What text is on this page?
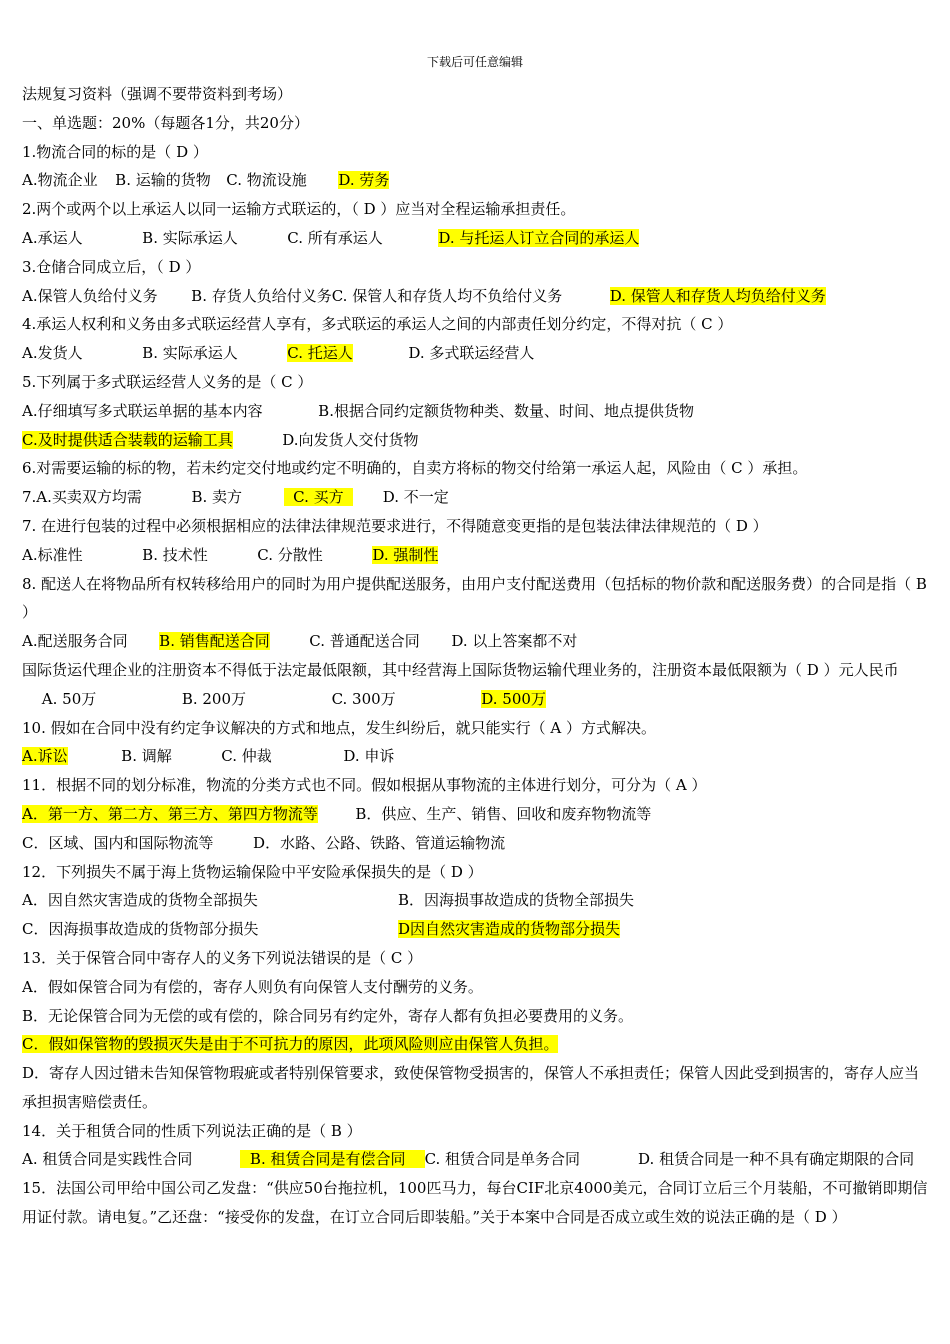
下载后可任意编辑
法规复习资料（强调不要带资料到考场）
一、单选题：20%（每题各1分，共20分）
1.物流合同的标的是（ D ）
A.物流企业 B. 运输的货物 C. 物流设施 D. 劳务
2.两个或两个以上承运人以同一运输方式联运的，（ D ）应当对全程运输承担责任。
A.承运人	B. 实际承运人	C. 所有承运人	D. 与托运人订立合同的承运人
3.仓储合同成立后，（ D ）
A.保管人负给付义务 B. 存货人负给付义务C. 保管人和存货人均不负给付义务	D. 保管人和存货人均负给付义务
4.承运人权利和义务由多式联运经营人享有，多式联运的承运人之间的内部责任划分约定，不得对抗（ C ）
A.发货人	B. 实际承运人	C. 托运人	D. 多式联运经营人
5.下列属于多式联运经营人义务的是（ C ）
A.仔细填写多式联运单据的基本内容	B.根据合同约定额货物种类、数量、时间、地点提供货物
C.及时提供适合装载的运输工具	D.向发货人交付货物
6.对需要运输的标的物，若未约定交付地或约定不明确的，自卖方将标的物交付给第一承运人起，风险由（ C ）承担。
7.A.买卖双方均需	B. 卖方	C. 买方	D. 不一定
7. 在进行包装的过程中必须根据相应的法律法律规范要求进行，不得随意变更指的是包装法律法律规范的（ D ）
A.标准性	B. 技术性	C. 分散性	D. 强制性
8. 配送人在将物品所有权转移给用户的同时为用户提供配送服务，由用户支付配送费用（包括标的物价款和配送服务费）的合同是指（ B ）
A.配送服务合同 B. 销售配送合同	C. 普通配送合同 D. 以上答案都不对
国际货运代理企业的注册资本不得低于法定最低限额，其中经营海上国际货物运输代理业务的，注册资本最低限额为（ D ）元人民币
A. 50万	B. 200万	C. 300万	D. 500万
10. 假如在合同中没有约定争议解决的方式和地点，发生纠纷后，就只能实行（ A ）方式解决。
A.诉讼	B. 调解	C. 仲裁	D. 申诉
11．根据不同的划分标准，物流的分类方式也不同。假如根据从事物流的主体进行划分，可分为（ A ）
A．第一方、第二方、第三方、第四方物流等	B．供应、生产、销售、回收和废弃物物流等
C．区域、国内和国际物流等	D．水路、公路、铁路、管道运输物流
12．下列损失不属于海上货物运输保险中平安险承保损失的是（ D ）
A．因自然灾害造成的货物全部损失	B．因海损事故造成的货物全部损失
C．因海损事故造成的货物部分损失	D因自然灾害造成的货物部分损失
13．关于保管合同中寄存人的义务下列说法错误的是（ C ）
A．假如保管合同为有偿的，寄存人则负有向保管人支付酬劳的义务。
B．无论保管合同为无偿的或有偿的，除合同另有约定外，寄存人都有负担必要费用的义务。
C．假如保管物的毁损灭失是由于不可抗力的原因，此项风险则应由保管人负担。
D．寄存人因过错未告知保管物瑕疵或者特别保管要求，致使保管物受损害的，保管人不承担责任；保管人因此受到损害的，寄存人应当承担损害赔偿责任。
14．关于租赁合同的性质下列说法正确的是（ B ）
A. 租赁合同是实践性合同	B. 租赁合同是有偿合同 C. 租赁合同是单务合同	D. 租赁合同是一种不具有确定期限的合同
15．法国公司甲给中国公司乙发盘：“供应50台拖拉机，100匹马力，每台CIF北京4000美元，合同订立后三个月装船，不可撤销即期信用证付款。请电复。”乙还盘：“接受你的发盘，在订立合同后即装船。”关于本案中合同是否成立或生效的说法正确的是（ D ）
